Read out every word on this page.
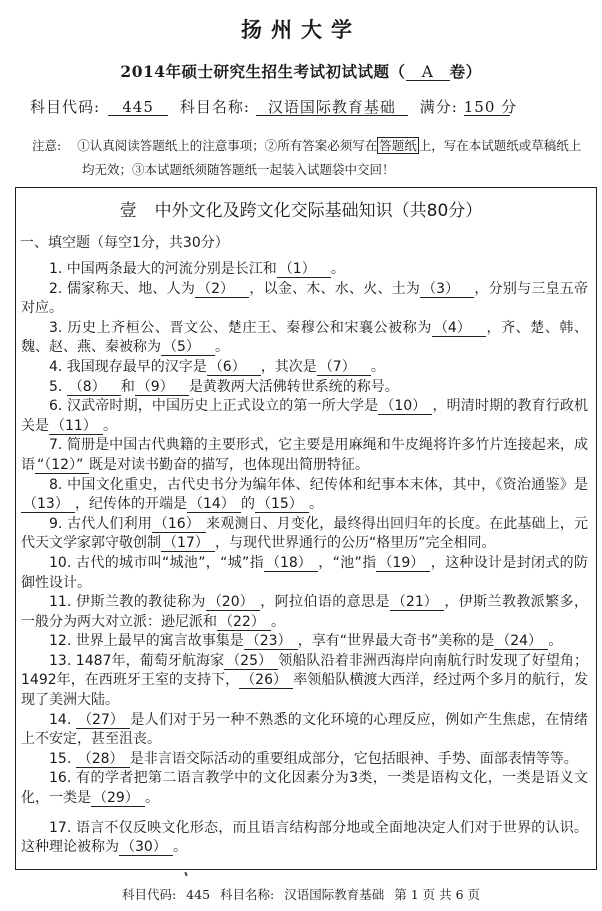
扬州大学
2014年硕士研究生招生考试初试试题（ A 卷）
科目代码: 445 科目名称: 汉语国际教育基础 满分: 150 分
注意: ①认真阅读答题纸上的注意事项；②所有答案必须写在 答题纸 上，写在本试题纸或草稿纸上
均无效；③本试题纸须随答题纸一起装入试题袋中交回！
壹 中外文化及跨文化交际基础知识（共80分）
一、填空题（每空1分，共30分）

1. 中国两条最大的河流分别是长江和 （1） 。

2. 儒家称天、地、人为 （2） ，以金、木、水、火、土为 （3） ，分别与三皇五帝对应。

3. 历史上齐桓公、晋文公、楚庄王、秦穆公和宋襄公被称为 （4） ，齐、楚、韩、魏、赵、燕、秦被称为 （5） 。

4. 我国现存最早的汉字是 （6） ，其次是 （7） 。

5. （8） 和 （9） 是黄教两大活佛转世系统的称号。

6. 汉武帝时期，中国历史上正式设立的第一所大学是 （10） ，明清时期的教育行政机关是 （11） 。

7. 简册是中国古代典籍的主要形式，它主要是用麻绳和牛皮绳将许多竹片连接起来，成语 “（12）” 既是对读书勤奋的描写，也体现出简册特征。

8. 中国文化重史，古代史书分为编年体、纪传体和纪事本末体，其中，《资治通鉴》是（13） ，纪传体的开端是 （14） 的 （15） 。

9. 古代人们利用 （16） 来观测日、月变化，最终得出回归年的长度。在此基础上，元代天文学家郭守敬创制 （17） ，与现代世界通行的公历“格里历”完全相同。

10. 古代的城市叫“城池”，“城”指 （18） ，“池”指 （19） ，这种设计是封闭式的防御性设计。

11. 伊斯兰教的教徒称为 （20） ，阿拉伯语的意思是 （21） ，伊斯兰教教派繁多，一般分为两大对立派：逊尼派和 （22） 。

12. 世界上最早的寓言故事集是 （23） ，享有“世界最大奇书”美称的是 （24） 。

13. 1487年，葡萄牙航海家 （25） 领船队沿着非洲西海岸向南航行时发现了好望角；1492年，在西班牙王室的支持下， （26） 率领船队横渡大西洋，经过两个多月的航行，发现了美洲大陆。

14. （27） 是人们对于另一种不熟悉的文化环境的心理反应，例如产生焦虑，在情绪上不安定，甚至沮丧。

15. （28） 是非言语交际活动的重要组成部分，它包括眼神、手势、面部表情等等。

16. 有的学者把第二语言教学中的文化因素分为3类，一类是语构文化，一类是语义文化，一类是 （29） 。

17. 语言不仅反映文化形态，而且语言结构部分地或全面地决定人们对于世界的认识。这种理论被称为 （30） 。

科目代码: 445 科目名称: 汉语国际教育基础 第 1 页 共 6 页
